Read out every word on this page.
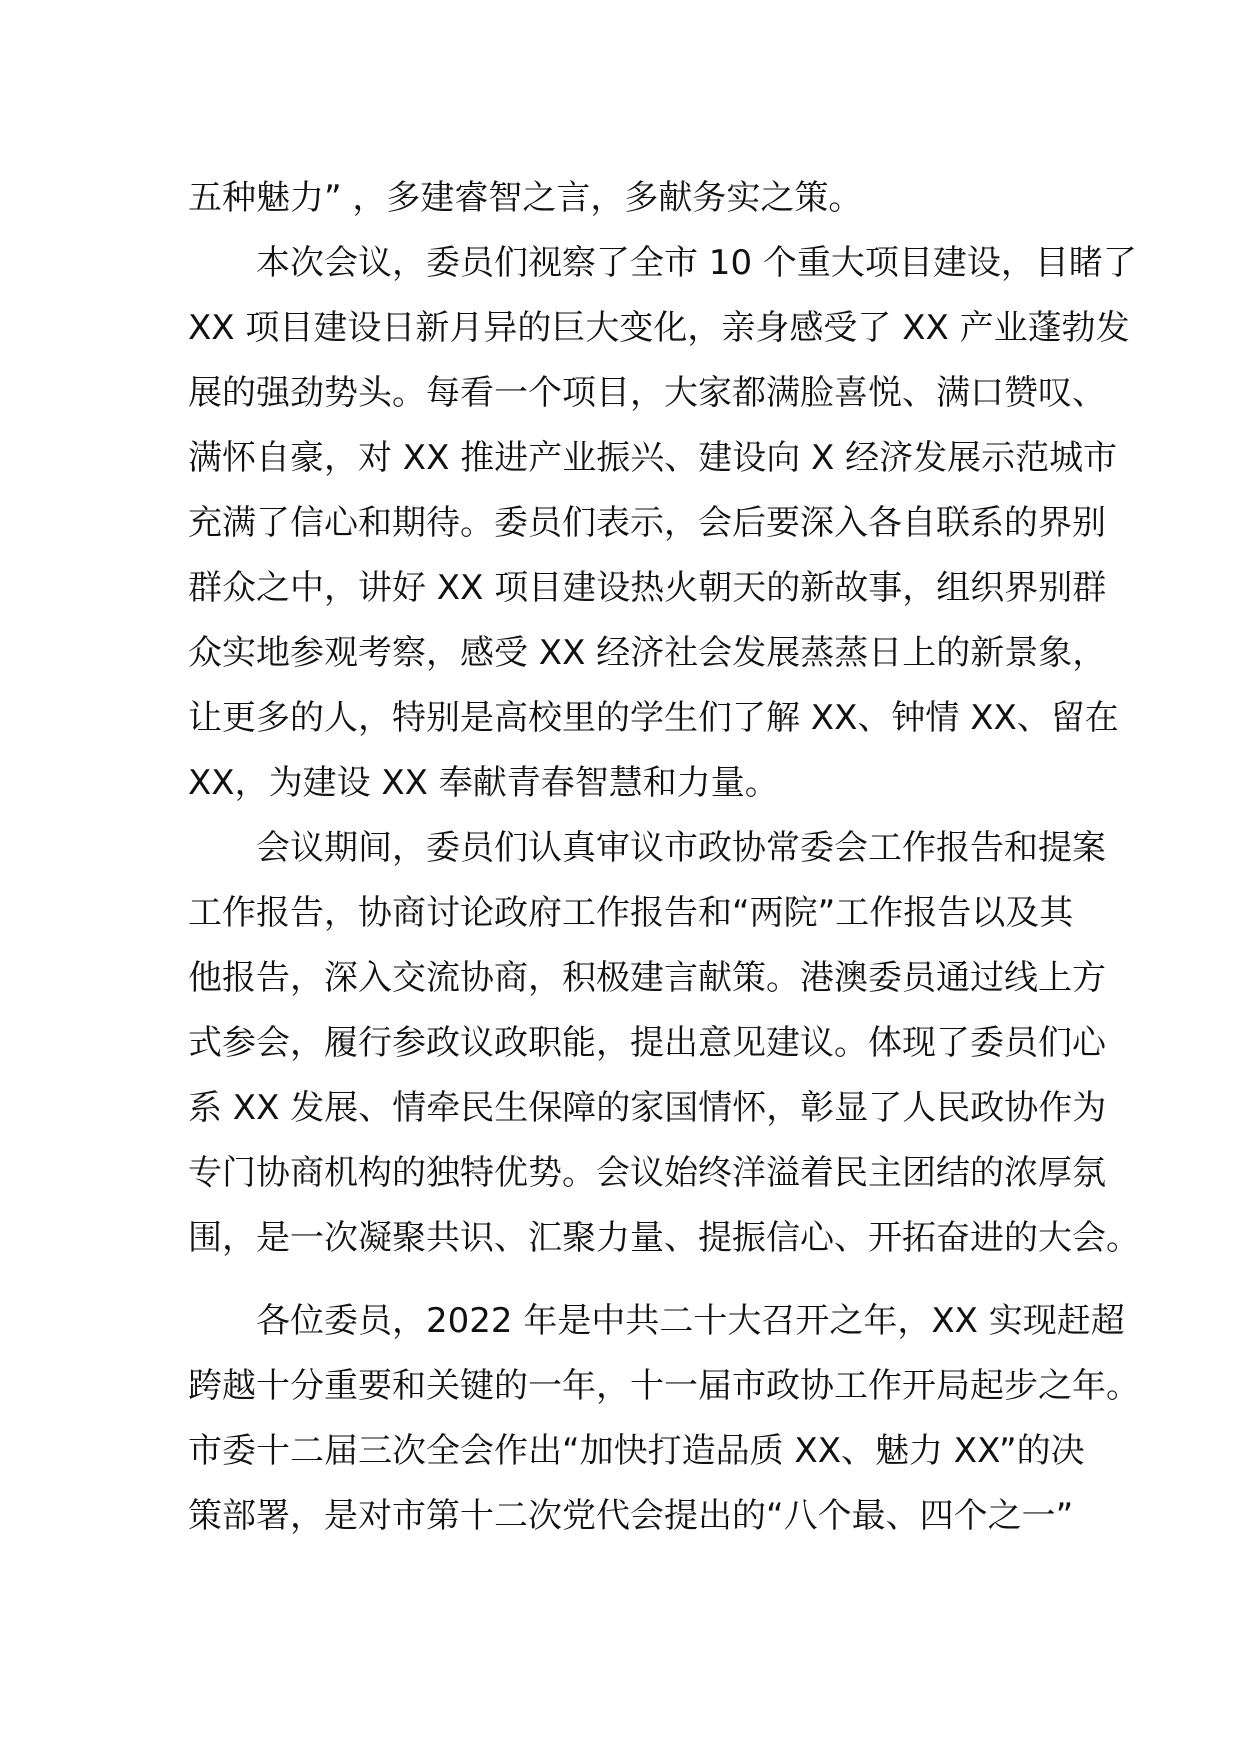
五种魅力” ，多建睿智之言，多献务实之策。

　　本次会议，委员们视察了全市 10 个重大项目建设，目睹了
XX 项目建设日新月异的巨大变化，亲身感受了 XX 产业蓬勃发
展的强劲势头。每看一个项目，大家都满脸喜悦、满口赞叹、
满怀自豪，对 XX 推进产业振兴、建设向 X 经济发展示范城市
充满了信心和期待。委员们表示，会后要深入各自联系的界别
群众之中，讲好 XX 项目建设热火朝天的新故事，组织界别群
众实地参观考察，感受 XX 经济社会发展蒸蒸日上的新景象，
让更多的人，特别是高校里的学生们了解 XX、钟情 XX、留在
XX，为建设 XX 奉献青春智慧和力量。

　　会议期间，委员们认真审议市政协常委会工作报告和提案
工作报告，协商讨论政府工作报告和“两院”工作报告以及其
他报告，深入交流协商，积极建言献策。港澳委员通过线上方
式参会，履行参政议政职能，提出意见建议。体现了委员们心
系 XX 发展、情牵民生保障的家国情怀，彰显了人民政协作为
专门协商机构的独特优势。会议始终洋溢着民主团结的浓厚氛
围，是一次凝聚共识、汇聚力量、提振信心、开拓奋进的大会。

　　各位委员，2022 年是中共二十大召开之年，XX 实现赶超
跨越十分重要和关键的一年，十一届市政协工作开局起步之年。
市委十二届三次全会作出“加快打造品质 XX、魅力 XX”的决
策部署，是对市第十二次党代会提出的“八个最、四个之一”
